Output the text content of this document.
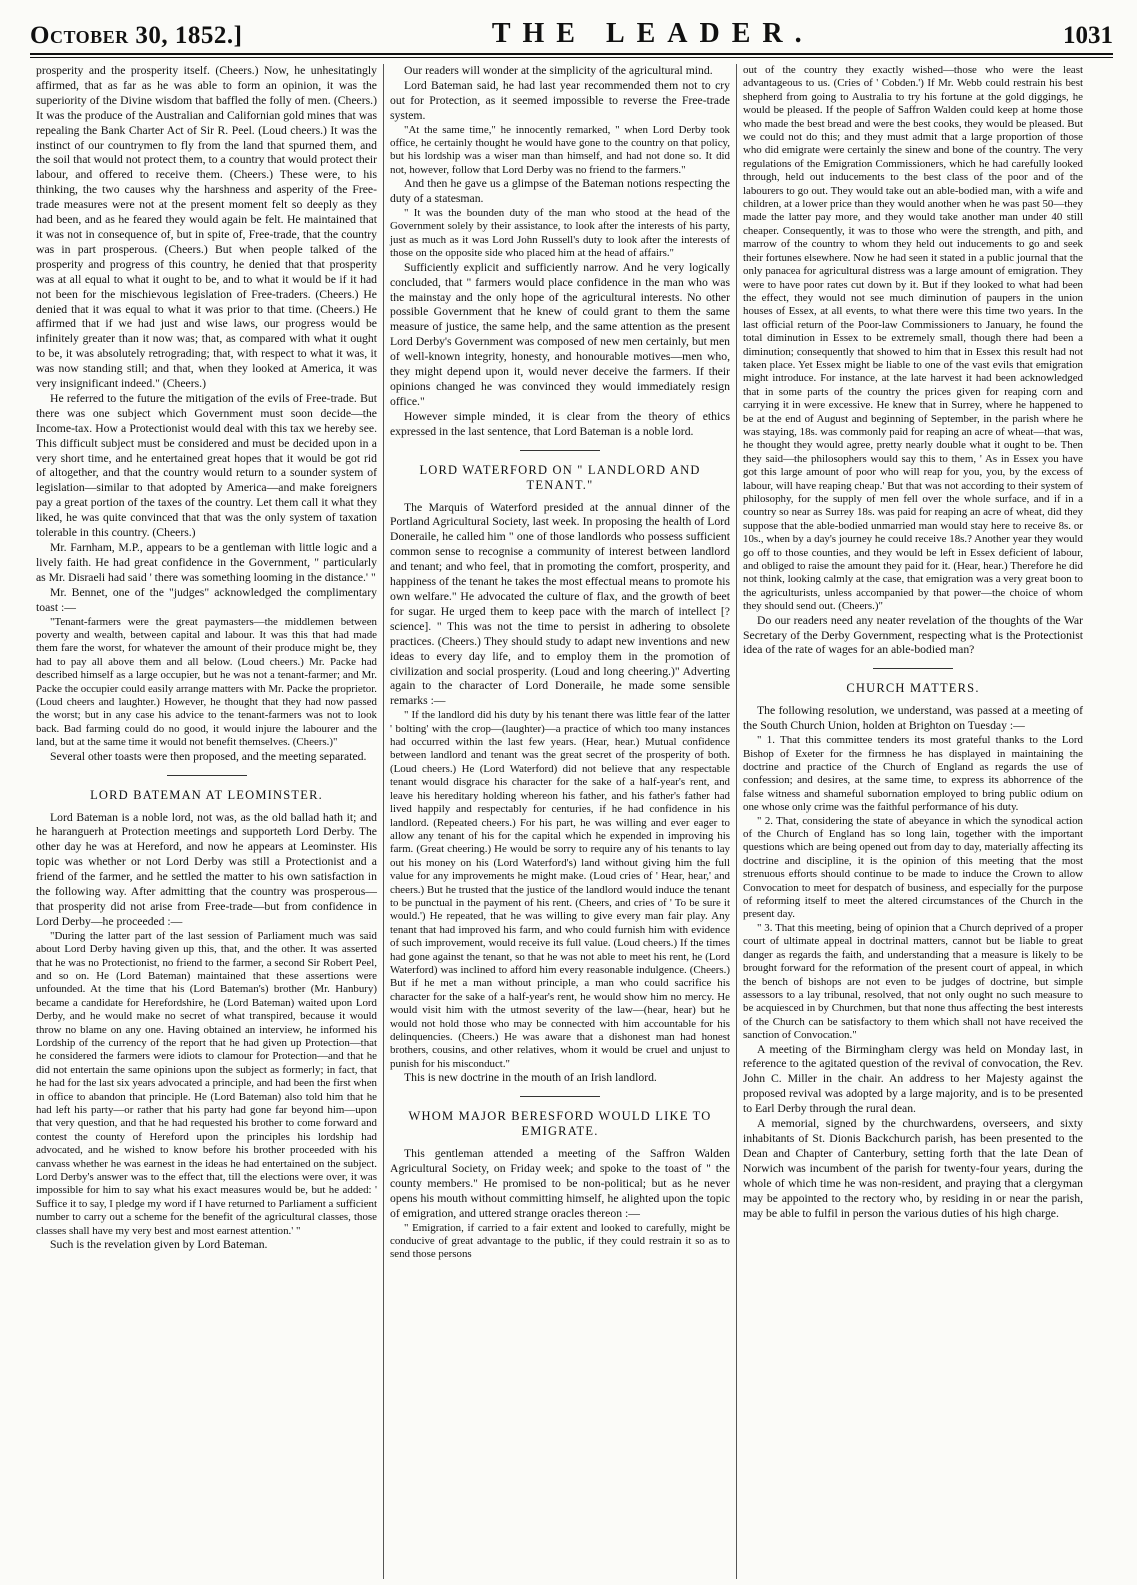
October 30, 1852.]	THE LEADER.	1031

prosperity and the prosperity itself. (Cheers.) Now, he unhesitatingly affirmed, that as far as he was able to form an opinion, it was the superiority of the Divine wisdom that baffled the folly of men. (Cheers.) It was the produce of the Australian and Californian gold mines that was repealing the Bank Charter Act of Sir R. Peel. (Loud cheers.) It was the instinct of our countrymen to fly from the land that spurned them, and the soil that would not protect them, to a country that would protect their labour, and offered to receive them. (Cheers.) These were, to his thinking, the two causes why the harshness and asperity of the Free-trade measures were not at the present moment felt so deeply as they had been, and as he feared they would again be felt. He maintained that it was not in consequence of, but in spite of, Free-trade, that the country was in part prosperous. (Cheers.) But when people talked of the prosperity and progress of this country, he denied that that prosperity was at all equal to what it ought to be, and to what it would be if it had not been for the mischievous legislation of Free-traders. (Cheers.) He denied that it was equal to what it was prior to that time. (Cheers.) He affirmed that if we had just and wise laws, our progress would be infinitely greater than it now was; that, as compared with what it ought to be, it was absolutely retrograding; that, with respect to what it was, it was now standing still; and that, when they looked at America, it was very insignificant indeed." (Cheers.)

He referred to the future the mitigation of the evils of Free-trade. But there was one subject which Government must soon decide—the Income-tax. How a Protectionist would deal with this tax we hereby see. This difficult subject must be considered and must be decided upon in a very short time, and he entertained great hopes that it would be got rid of altogether, and that the country would return to a sounder system of legislation—similar to that adopted by America—and make foreigners pay a great portion of the taxes of the country. Let them call it what they liked, he was quite convinced that that was the only system of taxation tolerable in this country. (Cheers.)

Mr. Farnham, M.P., appears to be a gentleman with little logic and a lively faith. He had great confidence in the Government, " particularly as Mr. Disraeli had said ' there was something looming in the distance.' "

Mr. Bennet, one of the "judges" acknowledged the complimentary toast :—

"Tenant-farmers were the great paymasters—the middlemen between poverty and wealth, between capital and labour. It was this that had made them fare the worst, for whatever the amount of their produce might be, they had to pay all above them and all below. (Loud cheers.) Mr. Packe had described himself as a large occupier, but he was not a tenant-farmer; and Mr. Packe the occupier could easily arrange matters with Mr. Packe the proprietor. (Loud cheers and laughter.) However, he thought that they had now passed the worst; but in any case his advice to the tenant-farmers was not to look back. Bad farming could do no good, it would injure the labourer and the land, but at the same time it would not benefit themselves. (Cheers.)"

Several other toasts were then proposed, and the meeting separated.

LORD BATEMAN AT LEOMINSTER.

Lord Bateman is a noble lord, not was, as the old ballad hath it; and he haranguerh at Protection meetings and supporteth Lord Derby. The other day he was at Hereford, and now he appears at Leominster. His topic was whether or not Lord Derby was still a Protectionist and a friend of the farmer, and he settled the matter to his own satisfaction in the following way. After admitting that the country was prosperous—that prosperity did not arise from Free-trade—but from confidence in Lord Derby—he proceeded :—

"During the latter part of the last session of Parliament much was said about Lord Derby having given up this, that, and the other. It was asserted that he was no Protectionist, no friend to the farmer, a second Sir Robert Peel, and so on. He (Lord Bateman) maintained that these assertions were unfounded. At the time that his (Lord Bateman's) brother (Mr. Hanbury) became a candidate for Herefordshire, he (Lord Bateman) waited upon Lord Derby, and he would make no secret of what transpired, because it would throw no blame on any one. Having obtained an interview, he informed his Lordship of the currency of the report that he had given up Protection—that he considered the farmers were idiots to clamour for Protection—and that he did not entertain the same opinions upon the subject as formerly; in fact, that he had for the last six years advocated a principle, and had been the first when in office to abandon that principle. He (Lord Bateman) also told him that he had left his party—or rather that his party had gone far beyond him—upon that very question, and that he had requested his brother to come forward and contest the county of Hereford upon the principles his lordship had advocated, and he wished to know before his brother proceeded with his canvass whether he was earnest in the ideas he had entertained on the subject. Lord Derby's answer was to the effect that, till the elections were over, it was impossible for him to say what his exact measures would be, but he added: ' Suffice it to say, I pledge my word if I have returned to Parliament a sufficient number to carry out a scheme for the benefit of the agricultural classes, those classes shall have my very best and most earnest attention.' "

Such is the revelation given by Lord Bateman.

Our readers will wonder at the simplicity of the agricultural mind.

Lord Bateman said, he had last year recommended them not to cry out for Protection, as it seemed impossible to reverse the Free-trade system.

"At the same time," he innocently remarked, " when Lord Derby took office, he certainly thought he would have gone to the country on that policy, but his lordship was a wiser man than himself, and had not done so. It did not, however, follow that Lord Derby was no friend to the farmers."

And then he gave us a glimpse of the Bateman notions respecting the duty of a statesman.

" It was the bounden duty of the man who stood at the head of the Government solely by their assistance, to look after the interests of his party, just as much as it was Lord John Russell's duty to look after the interests of those on the opposite side who placed him at the head of affairs."

Sufficiently explicit and sufficiently narrow. And he very logically concluded, that " farmers would place confidence in the man who was the mainstay and the only hope of the agricultural interests. No other possible Government that he knew of could grant to them the same measure of justice, the same help, and the same attention as the present Lord Derby's Government was composed of new men certainly, but men of well-known integrity, honesty, and honourable motives—men who, they might depend upon it, would never deceive the farmers. If their opinions changed he was convinced they would immediately resign office."

However simple minded, it is clear from the theory of ethics expressed in the last sentence, that Lord Bateman is a noble lord.

LORD WATERFORD ON " LANDLORD AND TENANT."

The Marquis of Waterford presided at the annual dinner of the Portland Agricultural Society, last week. In proposing the health of Lord Doneraile, he called him " one of those landlords who possess sufficient common sense to recognise a community of interest between landlord and tenant; and who feel, that in promoting the comfort, prosperity, and happiness of the tenant he takes the most effectual means to promote his own welfare." He advocated the culture of flax, and the growth of beet for sugar. He urged them to keep pace with the march of intellect [? science]. " This was not the time to persist in adhering to obsolete practices. (Cheers.) They should study to adapt new inventions and new ideas to every day life, and to employ them in the promotion of civilization and social prosperity. (Loud and long cheering.)" Adverting again to the character of Lord Doneraile, he made some sensible remarks :—

" If the landlord did his duty by his tenant there was little fear of the latter ' bolting' with the crop—(laughter)—a practice of which too many instances had occurred within the last few years. (Hear, hear.) Mutual confidence between landlord and tenant was the great secret of the prosperity of both. (Loud cheers.) He (Lord Waterford) did not believe that any respectable tenant would disgrace his character for the sake of a half-year's rent, and leave his hereditary holding whereon his father, and his father's father had lived happily and respectably for centuries, if he had confidence in his landlord. (Repeated cheers.) For his part, he was willing and ever eager to allow any tenant of his for the capital which he expended in improving his farm. (Great cheering.) He would be sorry to require any of his tenants to lay out his money on his (Lord Waterford's) land without giving him the full value for any improvements he might make. (Loud cries of ' Hear, hear,' and cheers.) But he trusted that the justice of the landlord would induce the tenant to be punctual in the payment of his rent. (Cheers, and cries of ' To be sure it would.') He repeated, that he was willing to give every man fair play. Any tenant that had improved his farm, and who could furnish him with evidence of such improvement, would receive its full value. (Loud cheers.) If the times had gone against the tenant, so that he was not able to meet his rent, he (Lord Waterford) was inclined to afford him every reasonable indulgence. (Cheers.) But if he met a man without principle, a man who could sacrifice his character for the sake of a half-year's rent, he would show him no mercy. He would visit him with the utmost severity of the law—(hear, hear) but he would not hold those who may be connected with him accountable for his delinquencies. (Cheers.) He was aware that a dishonest man had honest brothers, cousins, and other relatives, whom it would be cruel and unjust to punish for his misconduct."

This is new doctrine in the mouth of an Irish landlord.

WHOM MAJOR BERESFORD WOULD LIKE TO EMIGRATE.

This gentleman attended a meeting of the Saffron Walden Agricultural Society, on Friday week; and spoke to the toast of " the county members." He promised to be non-political; but as he never opens his mouth without committing himself, he alighted upon the topic of emigration, and uttered strange oracles thereon :—

" Emigration, if carried to a fair extent and looked to carefully, might be conducive of great advantage to the public, if they could restrain it so as to send those persons

out of the country they exactly wished—those who were the least advantageous to us. (Cries of ' Cobden.') If Mr. Webb could restrain his best shepherd from going to Australia to try his fortune at the gold diggings, he would be pleased. If the people of Saffron Walden could keep at home those who made the best bread and were the best cooks, they would be pleased. But we could not do this; and they must admit that a large proportion of those who did emigrate were certainly the sinew and bone of the country. The very regulations of the Emigration Commissioners, which he had carefully looked through, held out inducements to the best class of the poor and of the labourers to go out. They would take out an able-bodied man, with a wife and children, at a lower price than they would another when he was past 50—they made the latter pay more, and they would take another man under 40 still cheaper. Consequently, it was to those who were the strength, and pith, and marrow of the country to whom they held out inducements to go and seek their fortunes elsewhere. Now he had seen it stated in a public journal that the only panacea for agricultural distress was a large amount of emigration. They were to have poor rates cut down by it. But if they looked to what had been the effect, they would not see much diminution of paupers in the union houses of Essex, at all events, to what there were this time two years. In the last official return of the Poor-law Commissioners to January, he found the total diminution in Essex to be extremely small, though there had been a diminution; consequently that showed to him that in Essex this result had not taken place. Yet Essex might be liable to one of the vast evils that emigration might introduce. For instance, at the late harvest it had been acknowledged that in some parts of the country the prices given for reaping corn and carrying it in were excessive. He knew that in Surrey, where he happened to be at the end of August and beginning of September, in the parish where he was staying, 18s. was commonly paid for reaping an acre of wheat—that was, he thought they would agree, pretty nearly double what it ought to be. Then they said—the philosophers would say this to them, ' As in Essex you have got this large amount of poor who will reap for you, you, by the excess of labour, will have reaping cheap.' But that was not according to their system of philosophy, for the supply of men fell over the whole surface, and if in a country so near as Surrey 18s. was paid for reaping an acre of wheat, did they suppose that the able-bodied unmarried man would stay here to receive 8s. or 10s., when by a day's journey he could receive 18s.? Another year they would go off to those counties, and they would be left in Essex deficient of labour, and obliged to raise the amount they paid for it. (Hear, hear.) Therefore he did not think, looking calmly at the case, that emigration was a very great boon to the agriculturists, unless accompanied by that power—the choice of whom they should send out. (Cheers.)"

Do our readers need any neater revelation of the thoughts of the War Secretary of the Derby Government, respecting what is the Protectionist idea of the rate of wages for an able-bodied man?

CHURCH MATTERS.

The following resolution, we understand, was passed at a meeting of the South Church Union, holden at Brighton on Tuesday :—

" 1. That this committee tenders its most grateful thanks to the Lord Bishop of Exeter for the firmness he has displayed in maintaining the doctrine and practice of the Church of England as regards the use of confession; and desires, at the same time, to express its abhorrence of the false witness and shameful subornation employed to bring public odium on one whose only crime was the faithful performance of his duty.

" 2. That, considering the state of abeyance in which the synodical action of the Church of England has so long lain, together with the important questions which are being opened out from day to day, materially affecting its doctrine and discipline, it is the opinion of this meeting that the most strenuous efforts should continue to be made to induce the Crown to allow Convocation to meet for despatch of business, and especially for the purpose of reforming itself to meet the altered circumstances of the Church in the present day.

" 3. That this meeting, being of opinion that a Church deprived of a proper court of ultimate appeal in doctrinal matters, cannot but be liable to great danger as regards the faith, and understanding that a measure is likely to be brought forward for the reformation of the present court of appeal, in which the bench of bishops are not even to be judges of doctrine, but simple assessors to a lay tribunal, resolved, that not only ought no such measure to be acquiesced in by Churchmen, but that none thus affecting the best interests of the Church can be satisfactory to them which shall not have received the sanction of Convocation."

A meeting of the Birmingham clergy was held on Monday last, in reference to the agitated question of the revival of convocation, the Rev. John C. Miller in the chair. An address to her Majesty against the proposed revival was adopted by a large majority, and is to be presented to Earl Derby through the rural dean.

A memorial, signed by the churchwardens, overseers, and sixty inhabitants of St. Dionis Backchurch parish, has been presented to the Dean and Chapter of Canterbury, setting forth that the late Dean of Norwich was incumbent of the parish for twenty-four years, during the whole of which time he was non-resident, and praying that a clergyman may be appointed to the rectory who, by residing in or near the parish, may be able to fulfil in person the various duties of his high charge.
